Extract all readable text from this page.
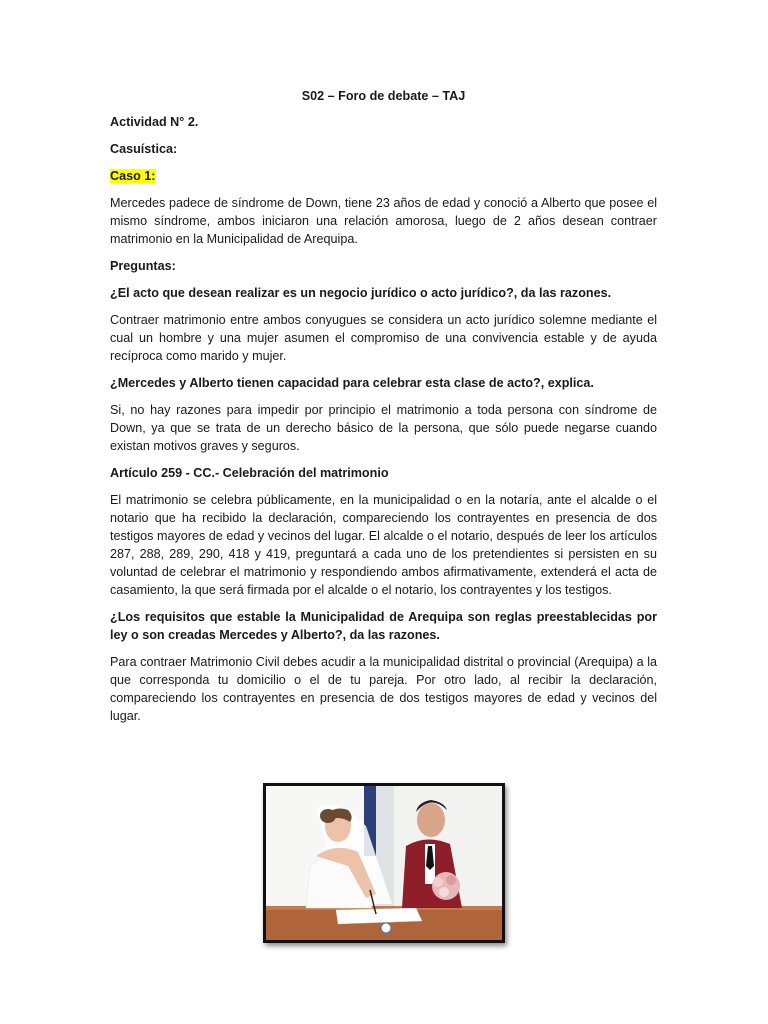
S02 – Foro de debate – TAJ

Actividad N° 2.

Casuística:

Caso 1:

Mercedes padece de síndrome de Down, tiene 23 años de edad y conoció a Alberto que posee el mismo síndrome, ambos iniciaron una relación amorosa, luego de 2 años desean contraer matrimonio en la Municipalidad de Arequipa.

Preguntas:

¿El acto que desean realizar es un negocio jurídico o acto jurídico?, da las razones.

Contraer matrimonio entre ambos conyugues se considera un acto jurídico solemne mediante el cual un hombre y una mujer asumen el compromiso de una convivencia estable y de ayuda recíproca como marido y mujer.

¿Mercedes y Alberto tienen capacidad para celebrar esta clase de acto?, explica.

Si, no hay razones para impedir por principio el matrimonio a toda persona con síndrome de Down, ya que se trata de un derecho básico de la persona, que sólo puede negarse cuando existan motivos graves y seguros.

Artículo 259 - CC.- Celebración del matrimonio

El matrimonio se celebra públicamente, en la municipalidad o en la notaría, ante el alcalde o el notario que ha recibido la declaración, compareciendo los contrayentes en presencia de dos testigos mayores de edad y vecinos del lugar. El alcalde o el notario, después de leer los artículos 287, 288, 289, 290, 418 y 419, preguntará a cada uno de los pretendientes si persisten en su voluntad de celebrar el matrimonio y respondiendo ambos afirmativamente, extenderá el acta de casamiento, la que será firmada por el alcalde o el notario, los contrayentes y los testigos.

¿Los requisitos que estable la Municipalidad de Arequipa son reglas preestablecidas por ley o son creadas Mercedes y Alberto?, da las razones.

Para contraer Matrimonio Civil debes acudir a la municipalidad distrital o provincial (Arequipa) a la que corresponda tu domicilio o el de tu pareja. Por otro lado, al recibir la declaración, compareciendo los contrayentes en presencia de dos testigos mayores de edad y vecinos del lugar.
